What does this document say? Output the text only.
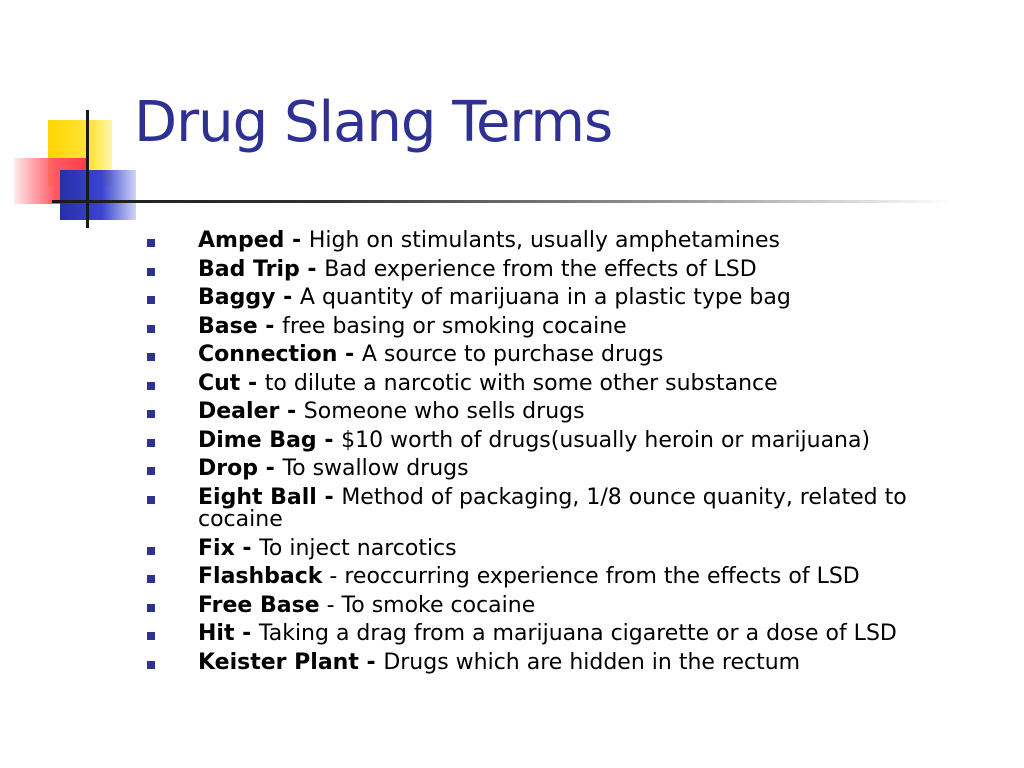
Drug Slang Terms
Amped - High on stimulants, usually amphetamines
Bad Trip - Bad experience from the effects of LSD
Baggy - A quantity of marijuana in a plastic type bag
Base - free basing or smoking cocaine
Connection - A source to purchase drugs
Cut - to dilute a narcotic with some other substance
Dealer - Someone who sells drugs
Dime Bag - $10 worth of drugs(usually heroin or marijuana)
Drop - To swallow drugs
Eight Ball - Method of packaging, 1/8 ounce quanity, related to cocaine
Fix - To inject narcotics
Flashback - reoccurring experience from the effects of LSD
Free Base - To smoke cocaine
Hit - Taking a drag from a marijuana cigarette or a dose of LSD
Keister Plant - Drugs which are hidden in the rectum
